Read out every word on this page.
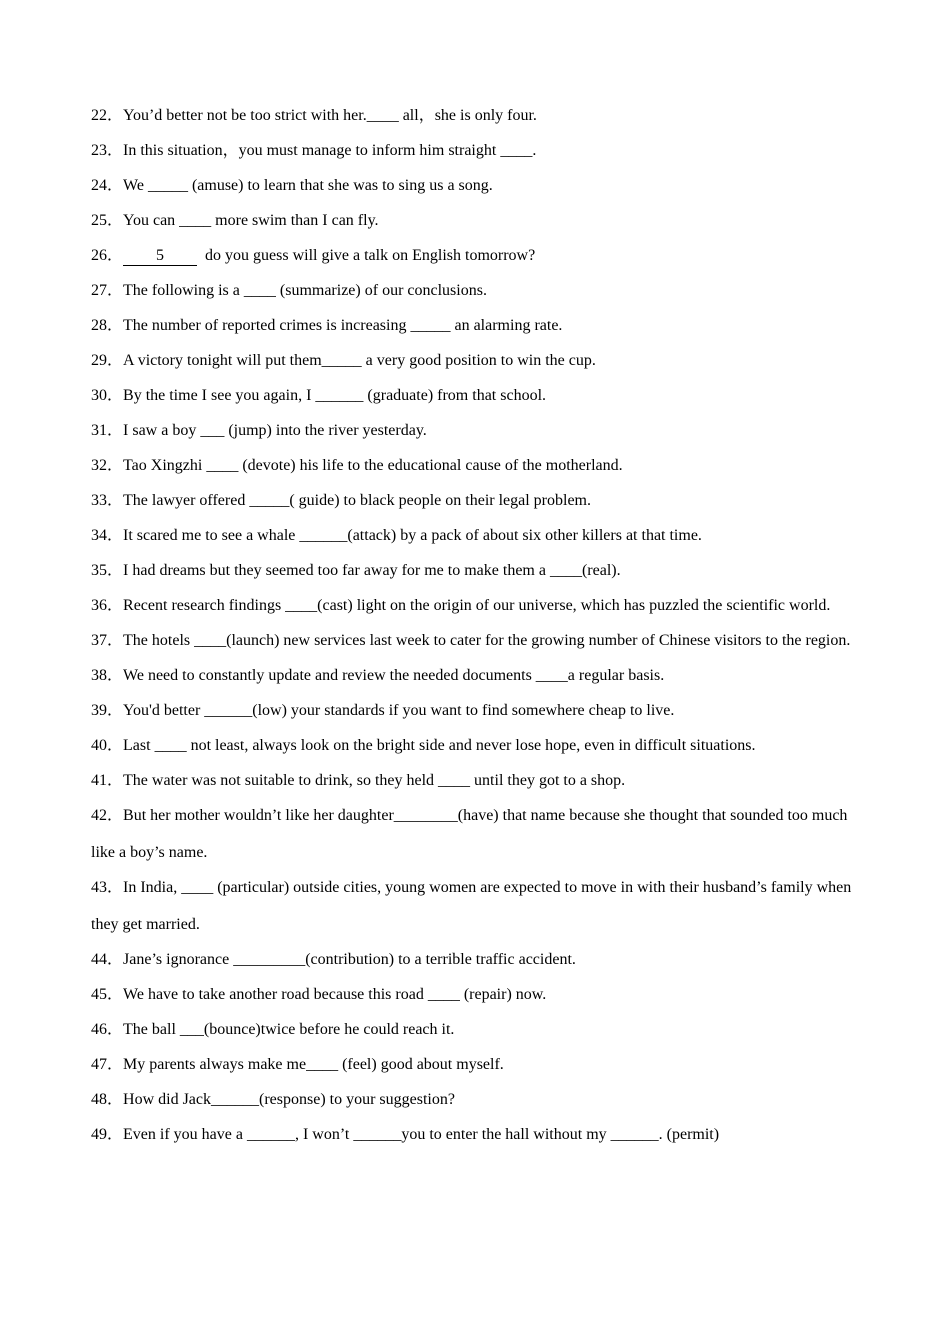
22．You’d better not be too strict with her.____ all，she is only four.
23．In this situation，you must manage to inform him straight ____.
24．We _____ (amuse) to learn that she was to sing us a song.
25．You can ____ more swim than I can fly.
26． 5	do you guess will give a talk on English tomorrow?
27．The following is a ____ (summarize) of our conclusions.
28．The number of reported crimes is increasing _____ an alarming rate.
29．A victory tonight will put them_____ a very good position to win the cup.
30．By the time I see you again, I ______ (graduate) from that school.
31．I saw a boy ___ (jump) into the river yesterday.
32．Tao Xingzhi ____ (devote) his life to the educational cause of the motherland.
33．The lawyer offered _____( guide) to black people on their legal problem.
34．It scared me to see a whale ______(attack) by a pack of about six other killers at that time.
35．I had dreams but they seemed too far away for me to make them a ____(real).
36．Recent research findings ____(cast) light on the origin of our universe, which has puzzled the scientific world.
37．The hotels ____(launch) new services last week to cater for the growing number of Chinese visitors to the region.
38．We need to constantly update and review the needed documents ____a regular basis.
39．You'd better ______(low) your standards if you want to find somewhere cheap to live.
40．Last ____ not least, always look on the bright side and never lose hope, even in difficult situations.
41．The water was not suitable to drink, so they held ____ until they got to a shop.
42．But her mother wouldn’t like her daughter________(have) that name because she thought that sounded too much like a boy’s name.
43．In India, ____ (particular) outside cities, young women are expected to move in with their husband’s family when they get married.
44．Jane’s ignorance _________(contribution) to a terrible traffic accident.
45．We have to take another road because this road ____ (repair) now.
46．The ball ___(bounce)twice before he could reach it.
47．My parents always make me____ (feel) good about myself.
48．How did Jack______(response) to your suggestion?
49．Even if you have a ______, I won’t ______you to enter the hall without my ______. (permit)
